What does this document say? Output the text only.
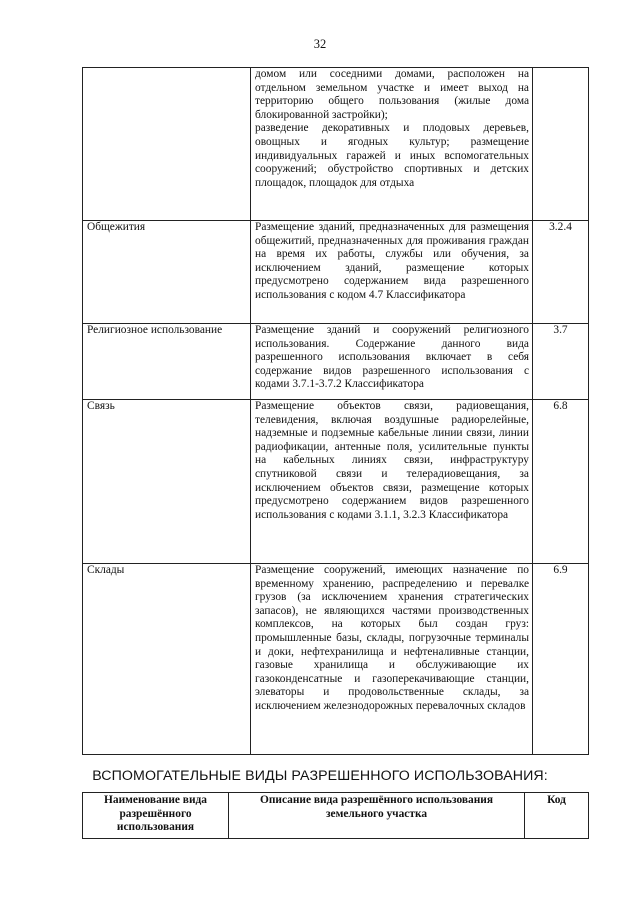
32

	домом или соседними домами, расположен на отдельном земельном участке и имеет выход на территорию общего пользования (жилые дома блокированной застройки);
разведение декоративных и плодовых деревьев, овощных и ягодных культур; размещение индивидуальных гаражей и иных вспомогательных сооружений; обустройство спортивных и детских площадок, площадок для отдыха	

Общежития	Размещение зданий, предназначенных для размещения общежитий, предназначенных для проживания граждан на время их работы, службы или обучения, за исключением зданий, размещение которых предусмотрено содержанием вида разрешенного использования с кодом 4.7 Классификатора	3.2.4
Религиозное использование	Размещение зданий и сооружений религиозного использования. Содержание данного вида разрешенного использования включает в себя содержание видов разрешенного использования с кодами 3.7.1-3.7.2 Классификатора	3.7
Связь	Размещение объектов связи, радиовещания, телевидения, включая воздушные радиорелейные, надземные и подземные кабельные линии связи, линии радиофикации, антенные поля, усилительные пункты на кабельных линиях связи, инфраструктуру спутниковой связи и телерадиовещания, за исключением объектов связи, размещение которых предусмотрено содержанием видов разрешенного использования с кодами 3.1.1, 3.2.3 Классификатора	6.8
Склады	Размещение сооружений, имеющих назначение по временному хранению, распределению и перевалке грузов (за исключением хранения стратегических запасов), не являющихся частями производственных комплексов, на которых был создан груз: промышленные базы, склады, погрузочные терминалы и доки, нефтехранилища и нефтеналивные станции, газовые хранилища и обслуживающие их газоконденсатные и газоперекачивающие станции, элеваторы и продовольственные склады, за исключением железнодорожных перевалочных складов	6.9
ВСПОМОГАТЕЛЬНЫЕ ВИДЫ РАЗРЕШЕННОГО ИСПОЛЬЗОВАНИЯ:
Наименование вида разрешённого использования	Описание вида разрешённого использования земельного участка	Код
